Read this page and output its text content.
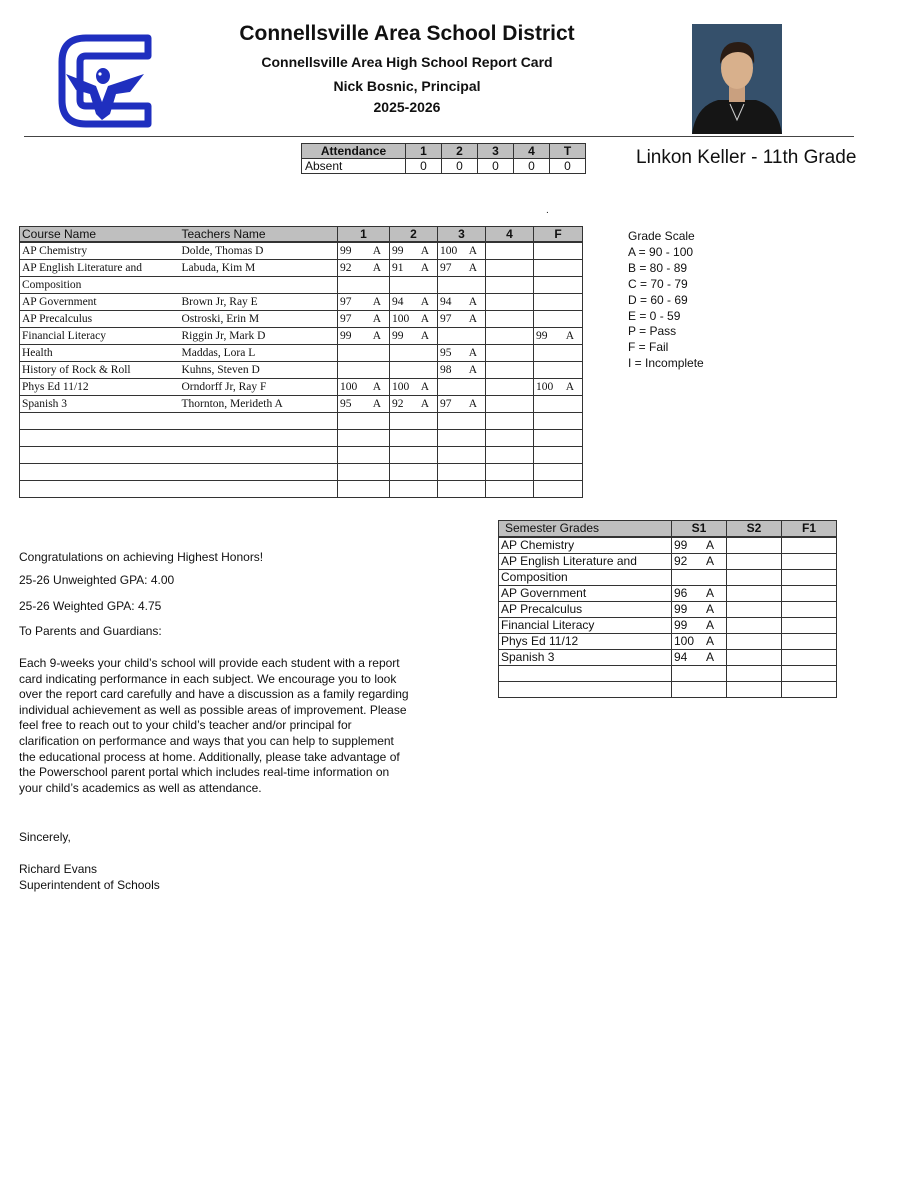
Connellsville Area School District
Connellsville Area High School Report Card
Nick Bosnic, Principal
2025-2026
Attendance	1	2	3	4	T
Absent	0	0	0	0	0	Linkon Keller - 11th Grade
.
Course Name	Teachers Name	1	2	3	4	F
AP Chemistry	Dolde, Thomas D	99 A	99 A	100 A		

AP English Literature and	Labuda, Kim M	92 A	91 A	97 A		

Composition		

AP Government	Brown Jr, Ray E	97 A	94 A	94 A		

AP Precalculus	Ostroski, Erin M	97 A	100 A	97 A		

Financial Literacy	Riggin Jr, Mark D	99 A	99 A			99 A

Health	Maddas, Lora L			95 A		

History of Rock & Roll	Kuhns, Steven D			98 A		

Phys Ed 11/12	Orndorff Jr, Ray F	100 A	100 A			100 A

Spanish 3	Thornton, Merideth A	95 A	92 A	97 A		

Grade Scale
A = 90 - 100
B = 80 - 89
C = 70 - 79
D = 60 - 69
E = 0 - 59
P = Pass
F = Fail
I = Incomplete
Semester Grades	S1	S2	F1
AP Chemistry	99 A		

AP English Literature and	92 A		

Composition	

AP Government	96 A		

AP Precalculus	99 A		

Financial Literacy	99 A		

Phys Ed 11/12	100 A		

Spanish 3	94 A		

Congratulations on achieving Highest Honors!
25-26 Unweighted GPA: 4.00
25-26 Weighted GPA: 4.75
To Parents and Guardians:
Each 9-weeks your child’s school will provide each student with a report card indicating performance in each subject. We encourage you to look over the report card carefully and have a discussion as a family regarding individual achievement as well as possible areas of improvement. Please feel free to reach out to your child’s teacher and/or principal for clarification on performance and ways that you can help to supplement the educational process at home. Additionally, please take advantage of the Powerschool parent portal which includes real-time information on your child’s academics as well as attendance.
Sincerely,
Richard Evans
Superintendent of Schools
